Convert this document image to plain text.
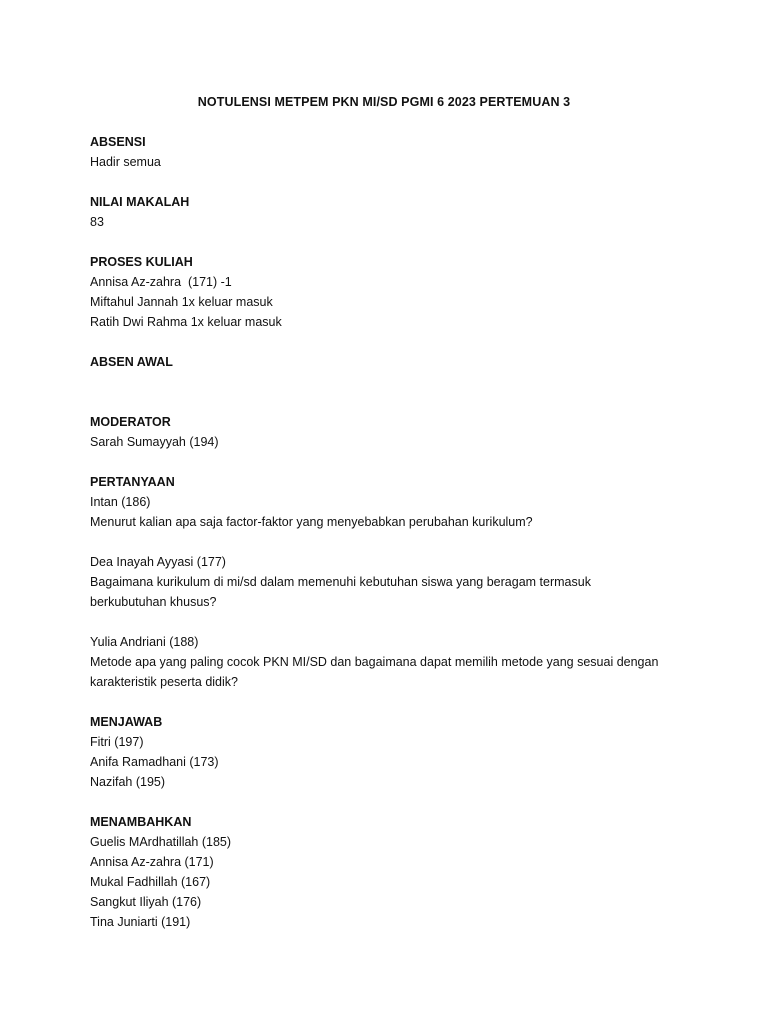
NOTULENSI METPEM PKN MI/SD PGMI 6 2023 PERTEMUAN 3
ABSENSI
Hadir semua
NILAI MAKALAH
83
PROSES KULIAH
Annisa Az-zahra  (171) -1
Miftahul Jannah 1x keluar masuk
Ratih Dwi Rahma 1x keluar masuk
ABSEN AWAL
MODERATOR
Sarah Sumayyah (194)
PERTANYAAN
Intan (186)
Menurut kalian apa saja factor-faktor yang menyebabkan perubahan kurikulum?
Dea Inayah Ayyasi (177)
Bagaimana kurikulum di mi/sd dalam memenuhi kebutuhan siswa yang beragam termasuk
berkubutuhan khusus?
Yulia Andriani (188)
Metode apa yang paling cocok PKN MI/SD dan bagaimana dapat memilih metode yang sesuai dengan
karakteristik peserta didik?
MENJAWAB
Fitri (197)
Anifa Ramadhani (173)
Nazifah (195)
MENAMBAHKAN
Guelis MArdhatillah (185)
Annisa Az-zahra (171)
Mukal Fadhillah (167)
Sangkut Iliyah (176)
Tina Juniarti (191)
